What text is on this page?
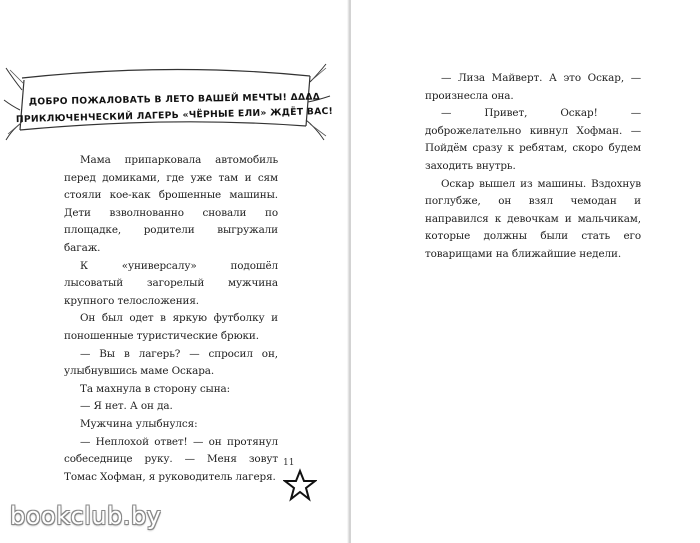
ДОБРО ПОЖАЛОВАТЬ В ЛЕТО ВАШЕЙ МЕЧТЫ! ΔΔΔΔ
ПРИКЛЮЧЕНЧЕСКИЙ ЛАГЕРЬ «ЧЁРНЫЕ ЕЛИ» ЖДЁТ ВАС!

Мама припарковала автомобиль перед домиками, где уже там и сям стояли кое-как брошенные машины. Дети взволнованно сновали по площадке, родители выгружали багаж.

К «универсалу» подошёл лысоватый загорелый мужчина крупного телосложения.

Он был одет в яркую футболку и поношенные туристические брюки.

— Вы в лагерь? — спросил он, улыбнувшись маме Оскара.

Та махнула в сторону сына:

— Я нет. А он да.

Мужчина улыбнулся:

— Неплохой ответ! — он протянул собеседнице руку. — Меня зовут Томас Хофман, я руководитель лагеря.

11

— Лиза Майверт. А это Оскар, — произнесла она.

— Привет, Оскар! — доброжелательно кивнул Хофман. — Пойдём сразу к ребятам, скоро будем заходить внутрь.

Оскар вышел из машины. Вздохнув поглубже, он взял чемодан и направился к девочкам и мальчикам, которые должны были стать его товарищами на ближайшие недели.

bookclub.by
